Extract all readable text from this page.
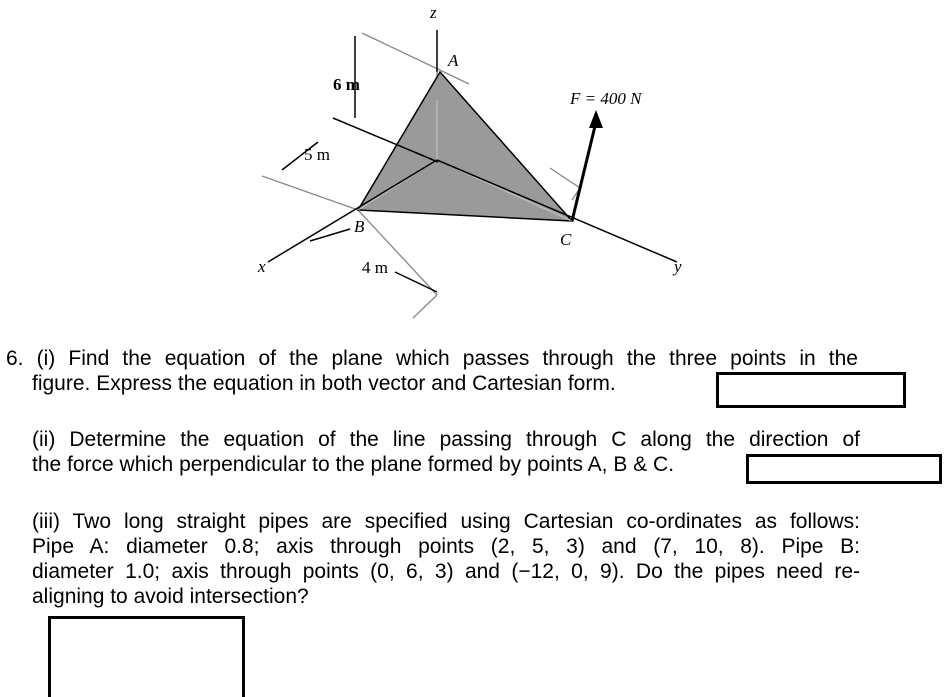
z
x	y
A
B
C
6 m
5 m
4 m
F = 400 N
6. (i) Find the equation of the plane which passes through the three points in the
figure. Express the equation in both vector and Cartesian form.
(ii) Determine the equation of the line passing through C along the direction of
the force which perpendicular to the plane formed by points A, B & C.
(iii) Two long straight pipes are specified using Cartesian co-ordinates as follows:
Pipe A: diameter 0.8; axis through points (2, 5, 3) and (7, 10, 8). Pipe B:
diameter 1.0; axis through points (0, 6, 3) and (−12, 0, 9). Do the pipes need re-
aligning to avoid intersection?
